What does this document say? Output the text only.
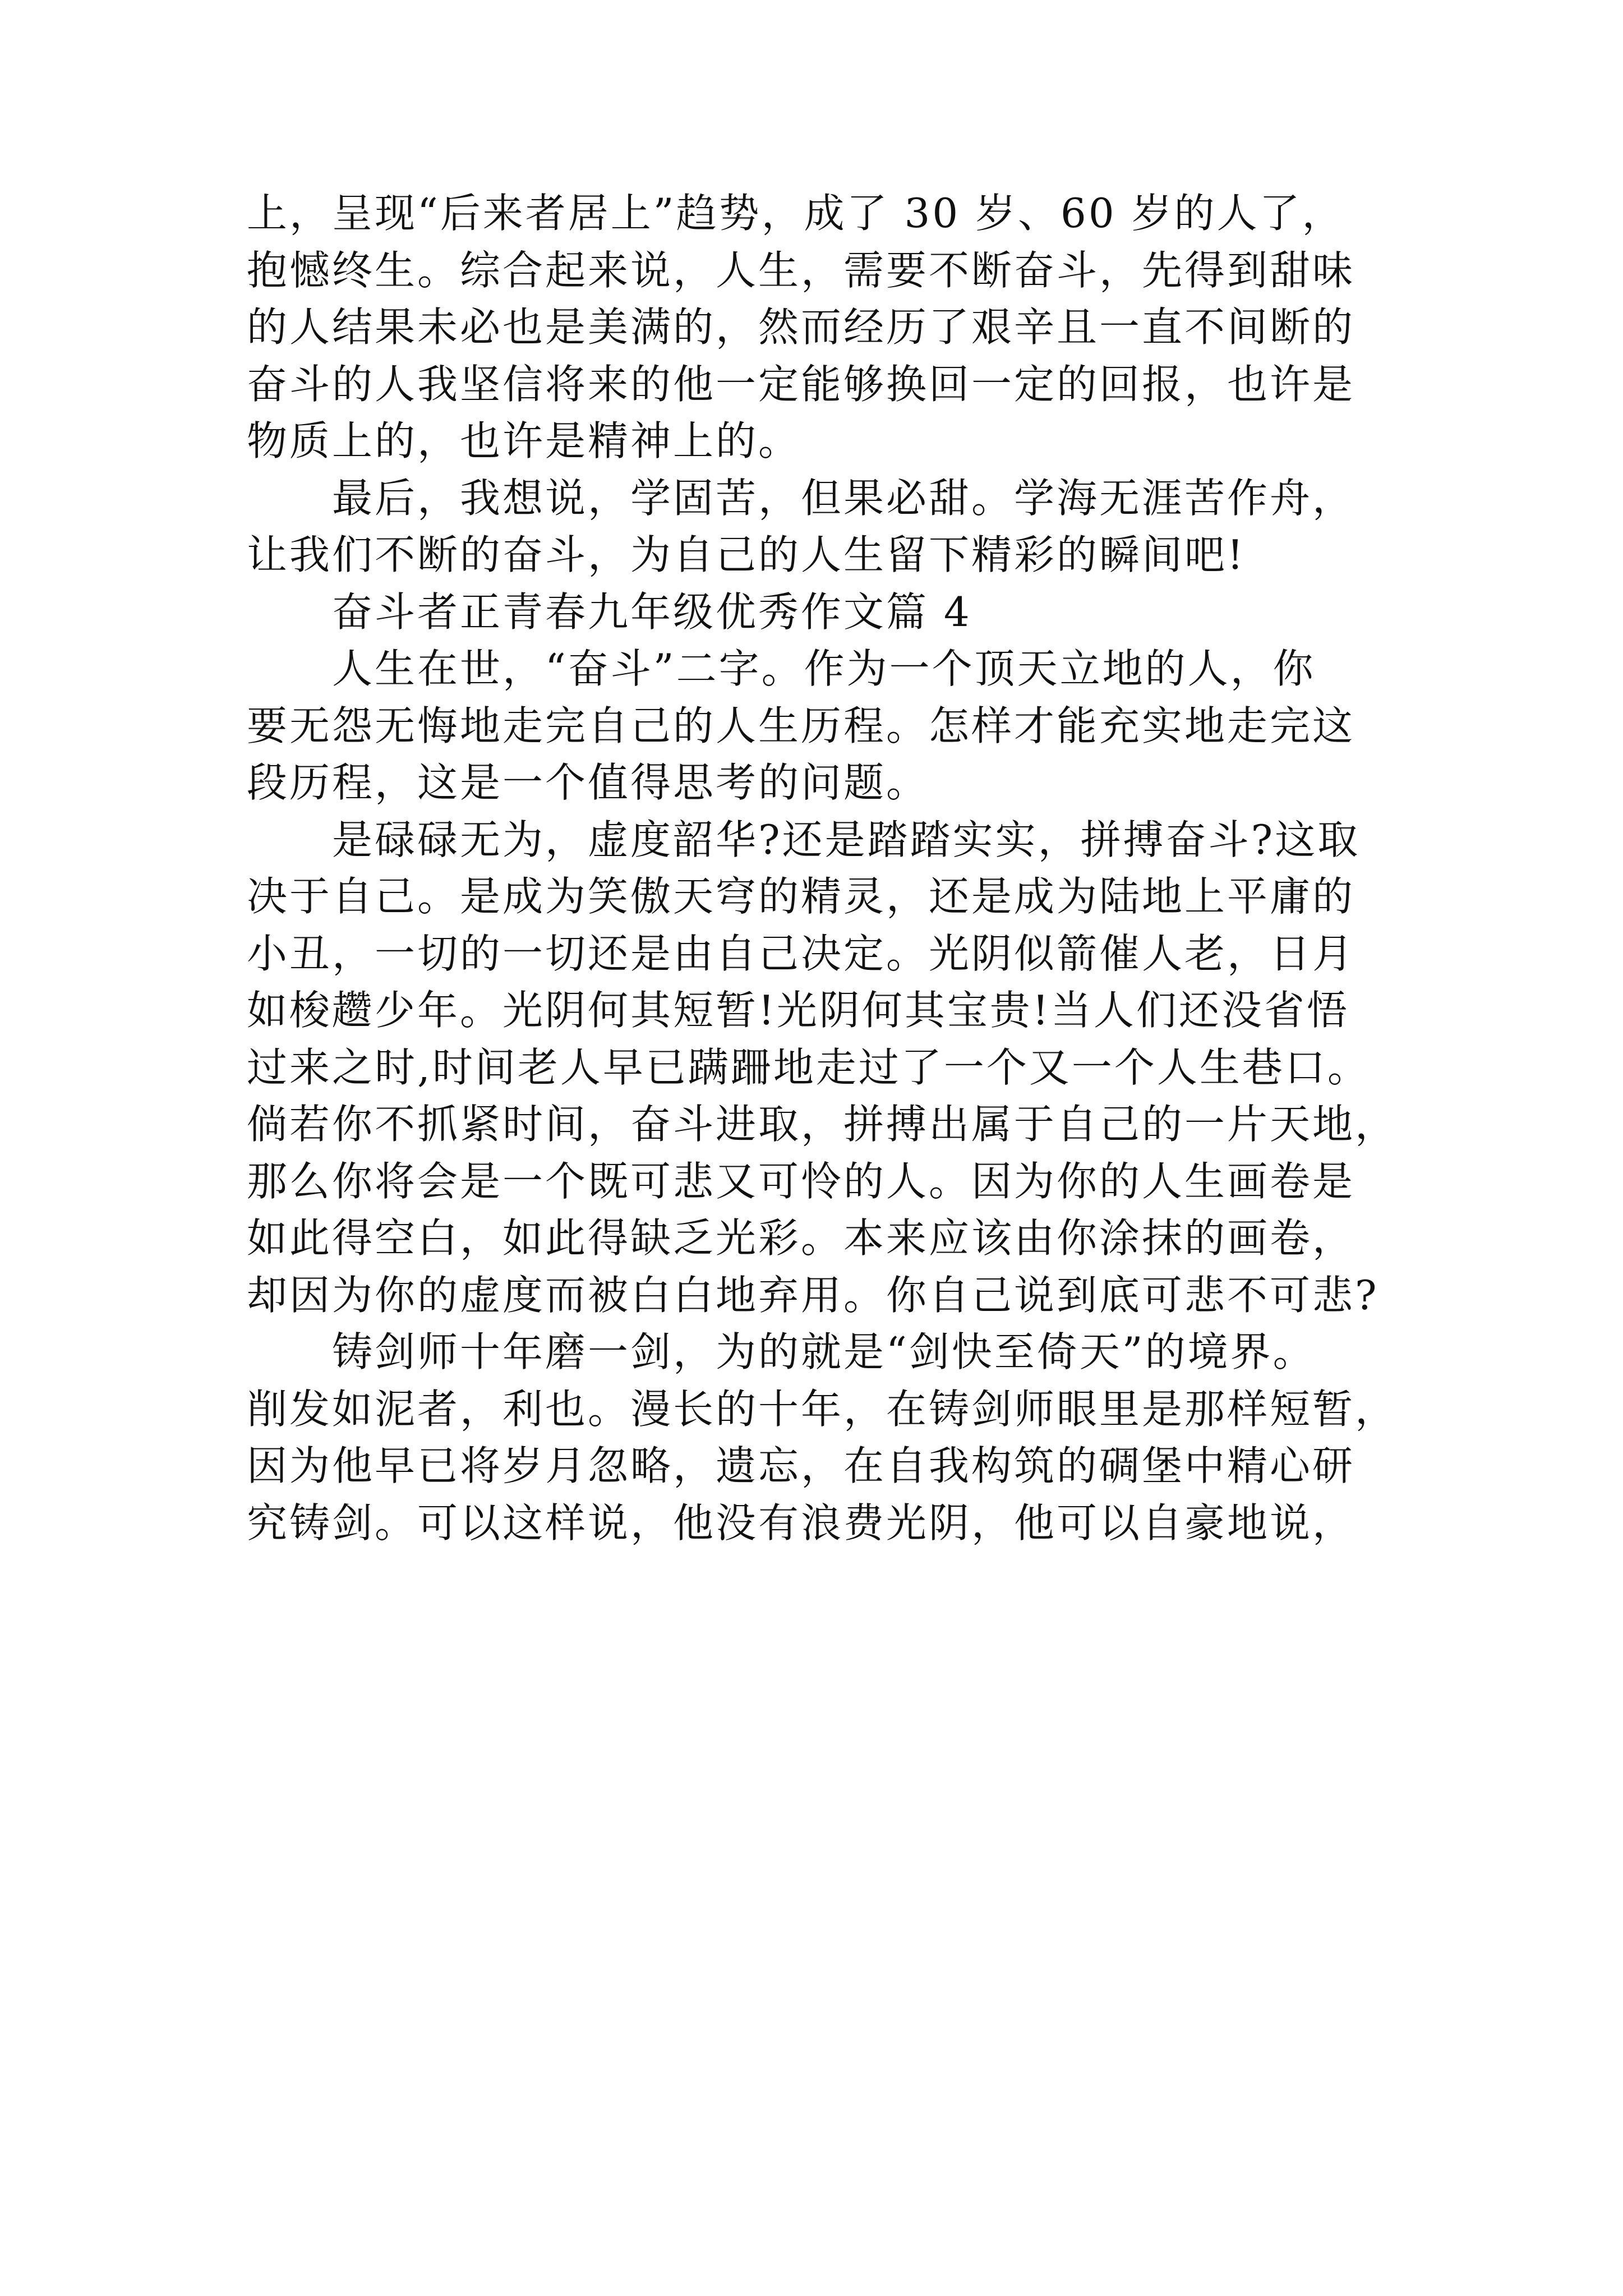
上，呈现“后来者居上”趋势，成了 30 岁、60 岁的人了，
抱憾终生。综合起来说，人生，需要不断奋斗，先得到甜味
的人结果未必也是美满的，然而经历了艰辛且一直不间断的
奋斗的人我坚信将来的他一定能够换回一定的回报，也许是
物质上的，也许是精神上的。
最后，我想说，学固苦，但果必甜。学海无涯苦作舟，
让我们不断的奋斗，为自己的人生留下精彩的瞬间吧!
奋斗者正青春九年级优秀作文篇 4
人生在世，“奋斗”二字。作为一个顶天立地的人，你
要无怨无悔地走完自己的人生历程。怎样才能充实地走完这
段历程，这是一个值得思考的问题。
是碌碌无为，虚度韶华?还是踏踏实实，拼搏奋斗?这取
决于自己。是成为笑傲天穹的精灵，还是成为陆地上平庸的
小丑，一切的一切还是由自己决定。光阴似箭催人老，日月
如梭趱少年。光阴何其短暂!光阴何其宝贵!当人们还没省悟
过来之时,时间老人早已蹒跚地走过了一个又一个人生巷口。
倘若你不抓紧时间，奋斗进取，拼搏出属于自己的一片天地，
那么你将会是一个既可悲又可怜的人。因为你的人生画卷是
如此得空白，如此得缺乏光彩。本来应该由你涂抹的画卷，
却因为你的虚度而被白白地弃用。你自己说到底可悲不可悲?
铸剑师十年磨一剑，为的就是“剑快至倚天”的境界。
削发如泥者，利也。漫长的十年，在铸剑师眼里是那样短暂，
因为他早已将岁月忽略，遗忘，在自我构筑的碉堡中精心研
究铸剑。可以这样说，他没有浪费光阴，他可以自豪地说，
